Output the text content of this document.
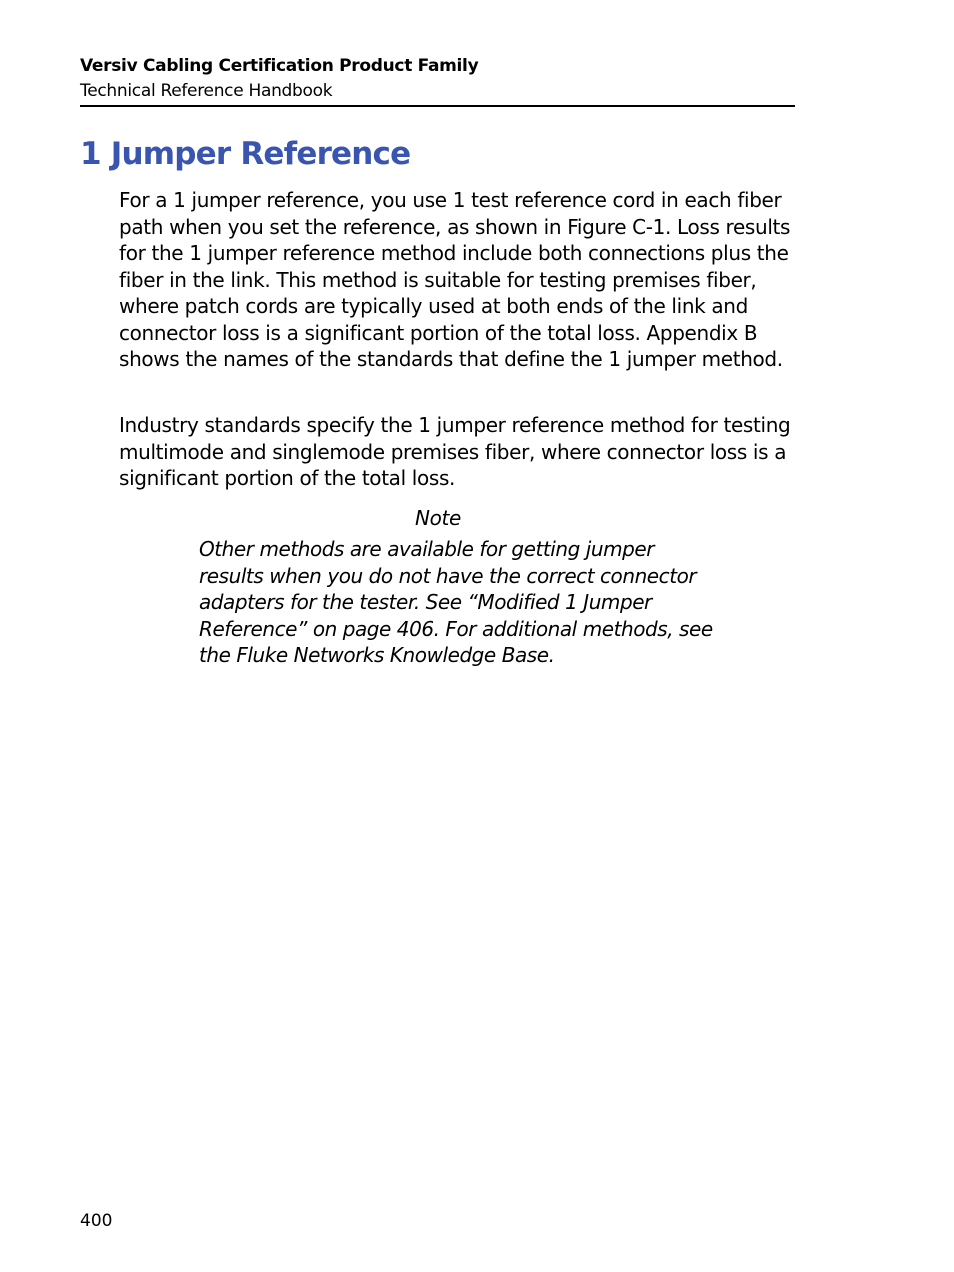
Versiv Cabling Certification Product Family
Technical Reference Handbook
1 Jumper Reference

For a 1 jumper reference, you use 1 test reference cord in each fiber path when you set the reference, as shown in Figure C-1. Loss results for the 1 jumper reference method include both connections plus the fiber in the link. This method is suitable for testing premises fiber, where patch cords are typically used at both ends of the link and connector loss is a significant portion of the total loss. Appendix B shows the names of the standards that define the 1 jumper method.

Industry standards specify the 1 jumper reference method for testing multimode and singlemode premises fiber, where connector loss is a significant portion of the total loss.

Note

Other methods are available for getting jumper results when you do not have the correct connector adapters for the tester. See “Modified 1 Jumper Reference” on page 406. For additional methods, see the Fluke Networks Knowledge Base.

400
